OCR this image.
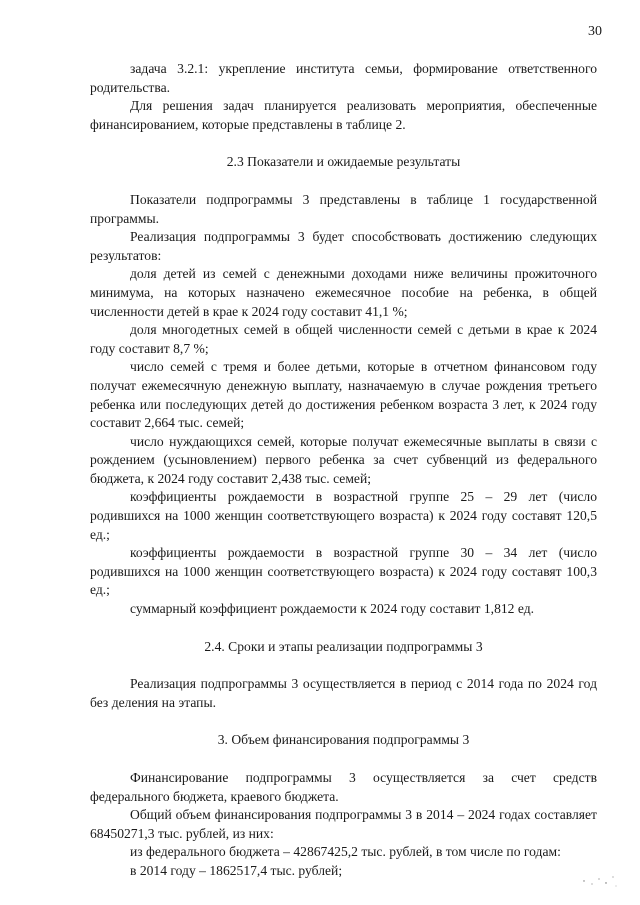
30

задача 3.2.1: укрепление института семьи, формирование ответственного родительства.

Для решения задач планируется реализовать мероприятия, обеспеченные финансированием, которые представлены в таблице 2.

2.3 Показатели и ожидаемые результаты

Показатели подпрограммы 3 представлены в таблице 1 государственной программы.

Реализация подпрограммы 3 будет способствовать достижению следующих результатов:

доля детей из семей с денежными доходами ниже величины прожиточного минимума, на которых назначено ежемесячное пособие на ребенка, в общей численности детей в крае к 2024 году составит 41,1 %;

доля многодетных семей в общей численности семей с детьми в крае к 2024 году составит 8,7 %;

число семей с тремя и более детьми, которые в отчетном финансовом году получат ежемесячную денежную выплату, назначаемую в случае рождения третьего ребенка или последующих детей до достижения ребенком возраста 3 лет, к 2024 году составит 2,664 тыс. семей;

число нуждающихся семей, которые получат ежемесячные выплаты в связи с рождением (усыновлением) первого ребенка за счет субвенций из федерального бюджета, к 2024 году составит 2,438 тыс. семей;

коэффициенты рождаемости в возрастной группе 25 – 29 лет (число родившихся на 1000 женщин соответствующего возраста) к 2024 году составят 120,5 ед.;

коэффициенты рождаемости в возрастной группе 30 – 34 лет (число родившихся на 1000 женщин соответствующего возраста) к 2024 году составят 100,3 ед.;

суммарный коэффициент рождаемости к 2024 году составит 1,812 ед.

2.4. Сроки и этапы реализации подпрограммы 3

Реализация подпрограммы 3 осуществляется в период с 2014 года по 2024 год без деления на этапы.

3. Объем финансирования подпрограммы 3

Финансирование подпрограммы 3 осуществляется за счет средств федерального бюджета, краевого бюджета.

Общий объем финансирования подпрограммы 3 в 2014 – 2024 годах составляет 68450271,3 тыс. рублей, из них:

из федерального бюджета – 42867425,2 тыс. рублей, в том числе по годам:

в 2014 году – 1862517,4 тыс. рублей;
